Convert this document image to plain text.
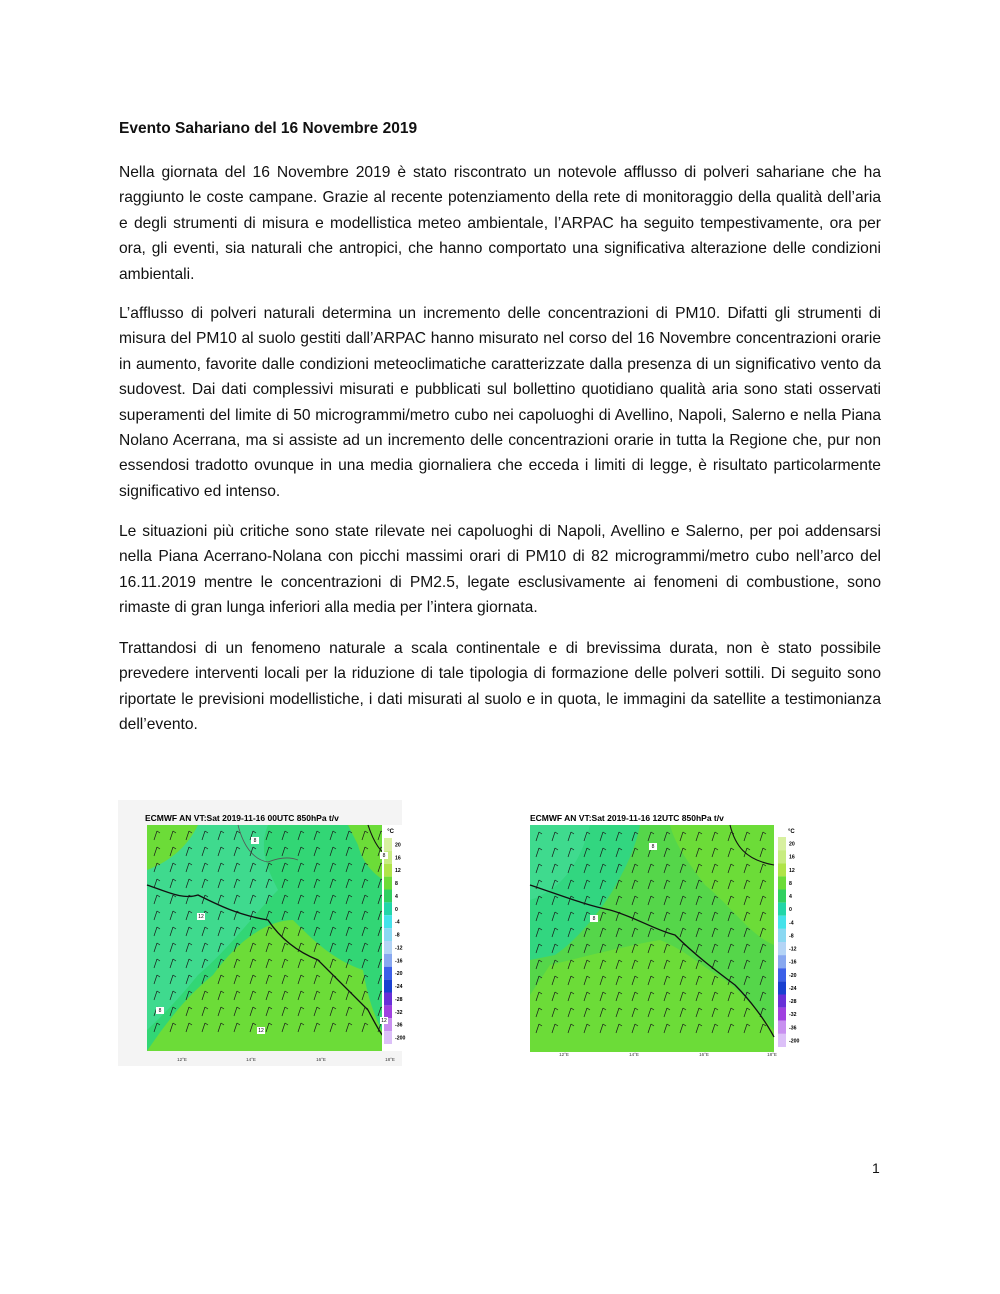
Evento Sahariano del 16 Novembre 2019

Nella giornata del 16 Novembre 2019 è stato riscontrato un notevole afflusso di polveri sahariane che ha raggiunto le coste campane. Grazie al recente potenziamento della rete di monitoraggio della qualità dell’aria e degli strumenti di misura e modellistica meteo ambientale, l’ARPAC ha seguito tempestivamente, ora per ora, gli eventi, sia naturali che antropici, che hanno comportato una significativa alterazione delle condizioni ambientali.

L’afflusso di polveri naturali determina un incremento delle concentrazioni di PM10. Difatti gli strumenti di misura del PM10 al suolo gestiti dall’ARPAC hanno misurato nel corso del 16 Novembre concentrazioni orarie in aumento, favorite dalle condizioni meteoclimatiche caratterizzate dalla presenza di un significativo vento da sudovest. Dai dati complessivi misurati e pubblicati sul bollettino quotidiano qualità aria sono stati osservati superamenti del limite di 50 microgrammi/metro cubo nei capoluoghi di Avellino, Napoli, Salerno e nella Piana Nolano Acerrana, ma si assiste ad un incremento delle concentrazioni orarie in tutta la Regione che, pur non essendosi tradotto ovunque in una media giornaliera che ecceda i limiti di legge, è risultato particolarmente significativo ed intenso.

Le situazioni più critiche sono state rilevate nei capoluoghi di Napoli, Avellino e Salerno, per poi addensarsi nella Piana Acerrano-Nolana con picchi massimi orari di PM10 di 82 microgrammi/metro cubo nell’arco del 16.11.2019 mentre le concentrazioni di PM2.5, legate esclusivamente ai fenomeni di combustione, sono rimaste di gran lunga inferiori alla media per l’intera giornata.

Trattandosi di un fenomeno naturale a scala continentale e di brevissima durata, non è stato possibile prevedere interventi locali per la riduzione di tale tipologia di formazione delle polveri sottili. Di seguito sono riportate le previsioni modellistiche, i dati misurati al suolo e in quota, le immagini da satellite a testimonianza dell’evento.

ECMWF AN VT:Sat 2019-11-16 00UTC 850hPa t/v
20
16
12
8
4
0
-4
-8
-12
-16
-20
-24
-28
-32
-36
-200
°C
12°E	14°E	16°E	18°E
8
12
8
8
12
12
ECMWF AN VT:Sat 2019-11-16 12UTC 850hPa t/v
20
16
12
8
4
0
-4
-8
-12
-16
-20
-24
-28
-32
-36
-200
°C
12°E	14°E	16°E	18°E
8
8
1
